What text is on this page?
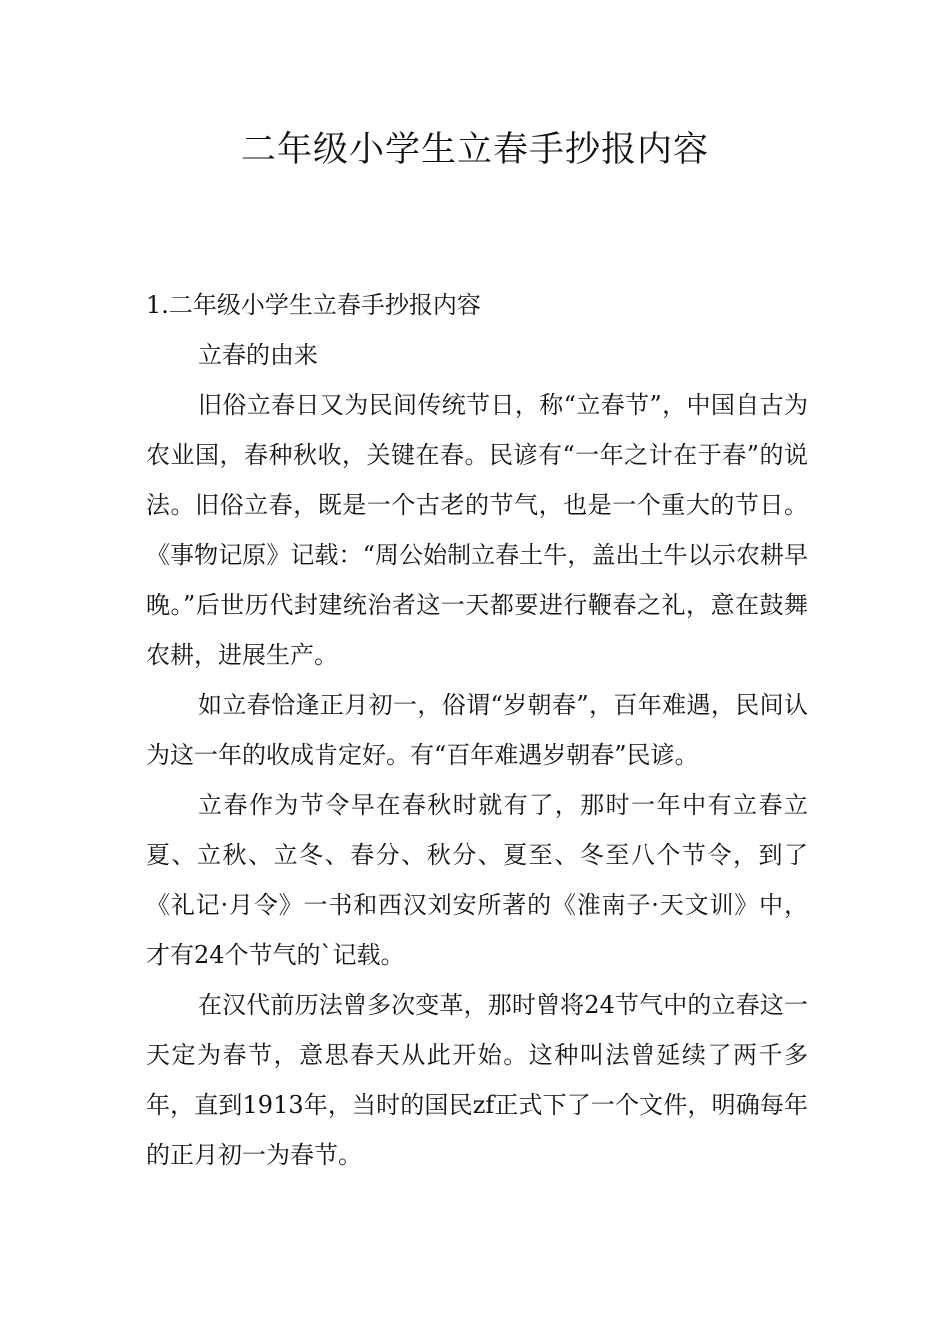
二年级小学生立春手抄报内容

1.二年级小学生立春手抄报内容

立春的由来

旧俗立春日又为民间传统节日，称“立春节”，中国自古为农业国，春种秋收，关键在春。民谚有“一年之计在于春”的说法。旧俗立春，既是一个古老的节气，也是一个重大的节日。《事物记原》记载：“周公始制立春土牛，盖出土牛以示农耕早晚。”后世历代封建统治者这一天都要进行鞭春之礼，意在鼓舞农耕，进展生产。

如立春恰逢正月初一，俗谓“岁朝春”，百年难遇，民间认为这一年的收成肯定好。有“百年难遇岁朝春”民谚。

立春作为节令早在春秋时就有了，那时一年中有立春立夏、立秋、立冬、春分、秋分、夏至、冬至八个节令，到了《礼记·月令》一书和西汉刘安所著的《淮南子·天文训》中，才有24个节气的`记载。

在汉代前历法曾多次变革，那时曾将24节气中的立春这一天定为春节，意思春天从此开始。这种叫法曾延续了两千多年，直到1913年，当时的国民zf正式下了一个文件，明确每年的正月初一为春节。
